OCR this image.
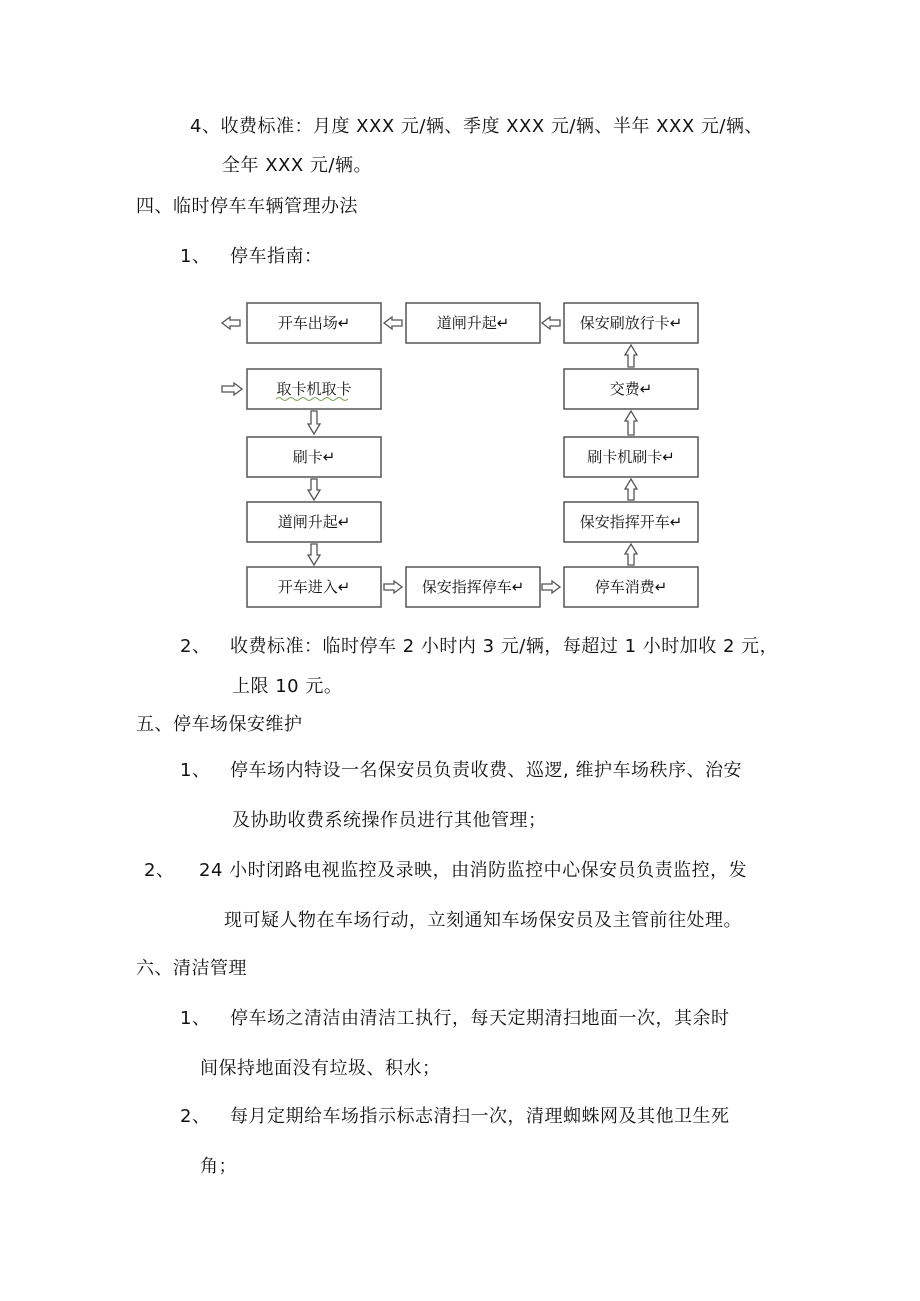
4、收费标准：月度 XXX 元/辆、季度 XXX 元/辆、半年 XXX 元/辆、
全年 XXX 元/辆。
四、临时停车车辆管理办法
1、 停车指南：
开车出场↵	道闸升起↵	保安刷放行卡↵
取卡机取卡	交费↵
刷卡↵	刷卡机刷卡↵
道闸升起↵	保安指挥开车↵
开车进入↵	保安指挥停车↵	停车消费↵
2、 收费标准：临时停车 2 小时内 3 元/辆，每超过 1 小时加收 2 元，
上限 10 元。
五、停车场保安维护
1、 停车场内特设一名保安员负责收费、巡逻, 维护车场秩序、治安
及协助收费系统操作员进行其他管理；
2、 24 小时闭路电视监控及录映，由消防监控中心保安员负责监控，发
现可疑人物在车场行动，立刻通知车场保安员及主管前往处理。
六、清洁管理
1、 停车场之清洁由清洁工执行，每天定期清扫地面一次，其余时
间保持地面没有垃圾、积水；
2、 每月定期给车场指示标志清扫一次，清理蜘蛛网及其他卫生死
角；
